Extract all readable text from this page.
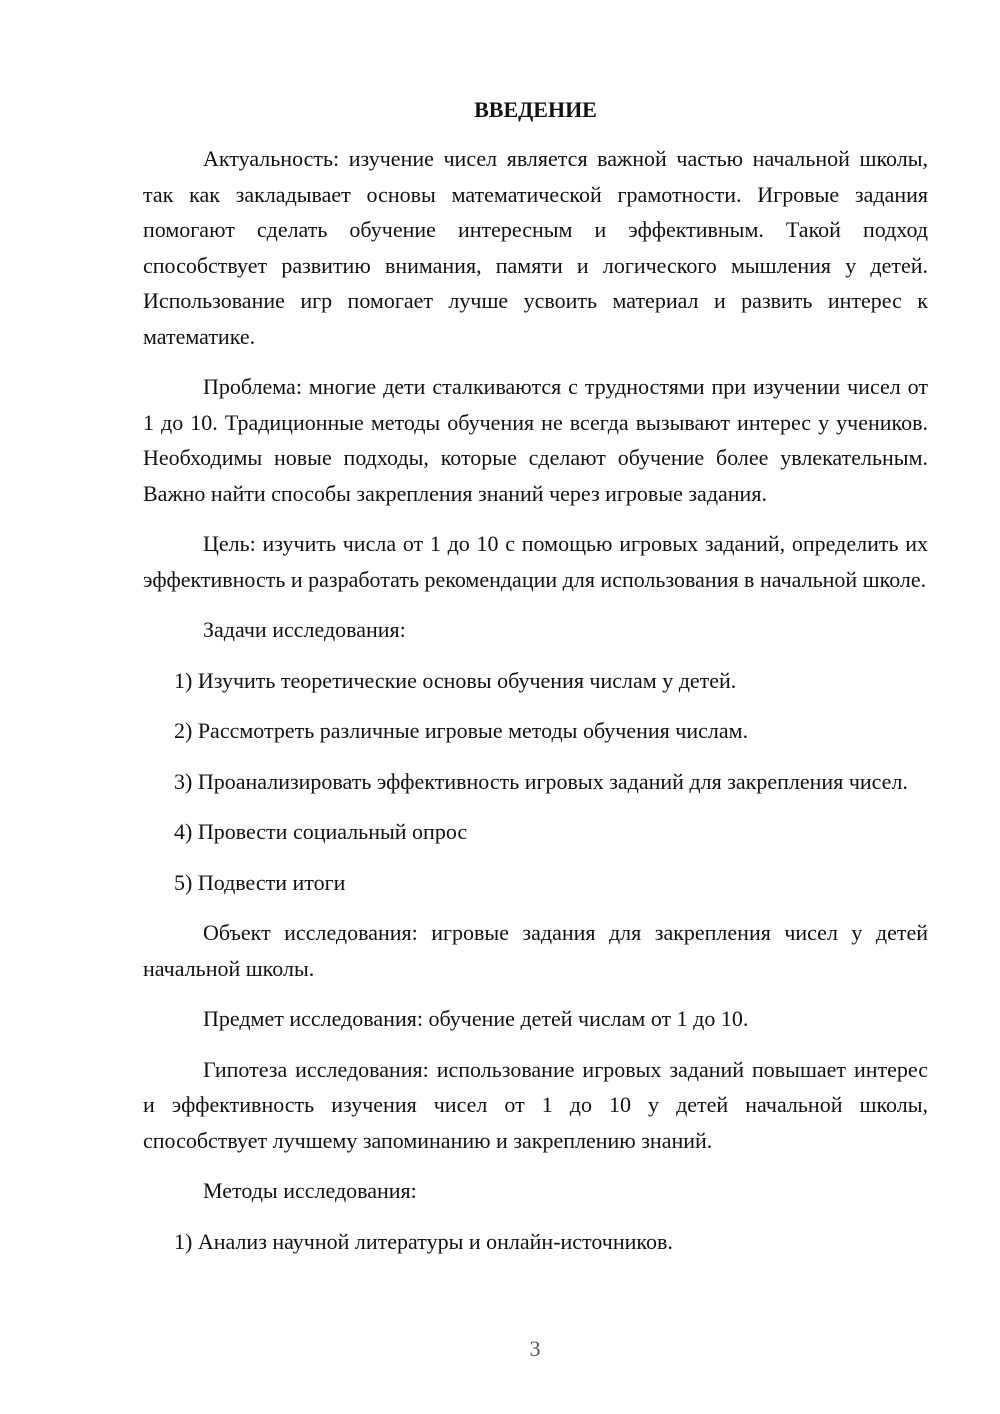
ВВЕДЕНИЕ

Актуальность: изучение чисел является важной частью начальной школы, так как закладывает основы математической грамотности. Игровые задания помогают сделать обучение интересным и эффективным. Такой подход способствует развитию внимания, памяти и логического мышления у детей. Использование игр помогает лучше усвоить материал и развить интерес к математике.

Проблема: многие дети сталкиваются с трудностями при изучении чисел от 1 до 10. Традиционные методы обучения не всегда вызывают интерес у учеников. Необходимы новые подходы, которые сделают обучение более увлекательным. Важно найти способы закрепления знаний через игровые задания.

Цель: изучить числа от 1 до 10 с помощью игровых заданий, определить их эффективность и разработать рекомендации для использования в начальной школе.

Задачи исследования:

1) Изучить теоретические основы обучения числам у детей.

2) Рассмотреть различные игровые методы обучения числам.

3) Проанализировать эффективность игровых заданий для закрепления чисел.

4) Провести социальный опрос

5) Подвести итоги

Объект исследования: игровые задания для закрепления чисел у детей начальной школы.

Предмет исследования: обучение детей числам от 1 до 10.

Гипотеза исследования: использование игровых заданий повышает интерес и эффективность изучения чисел от 1 до 10 у детей начальной школы, способствует лучшему запоминанию и закреплению знаний.

Методы исследования:

1) Анализ научной литературы и онлайн-источников.

3
